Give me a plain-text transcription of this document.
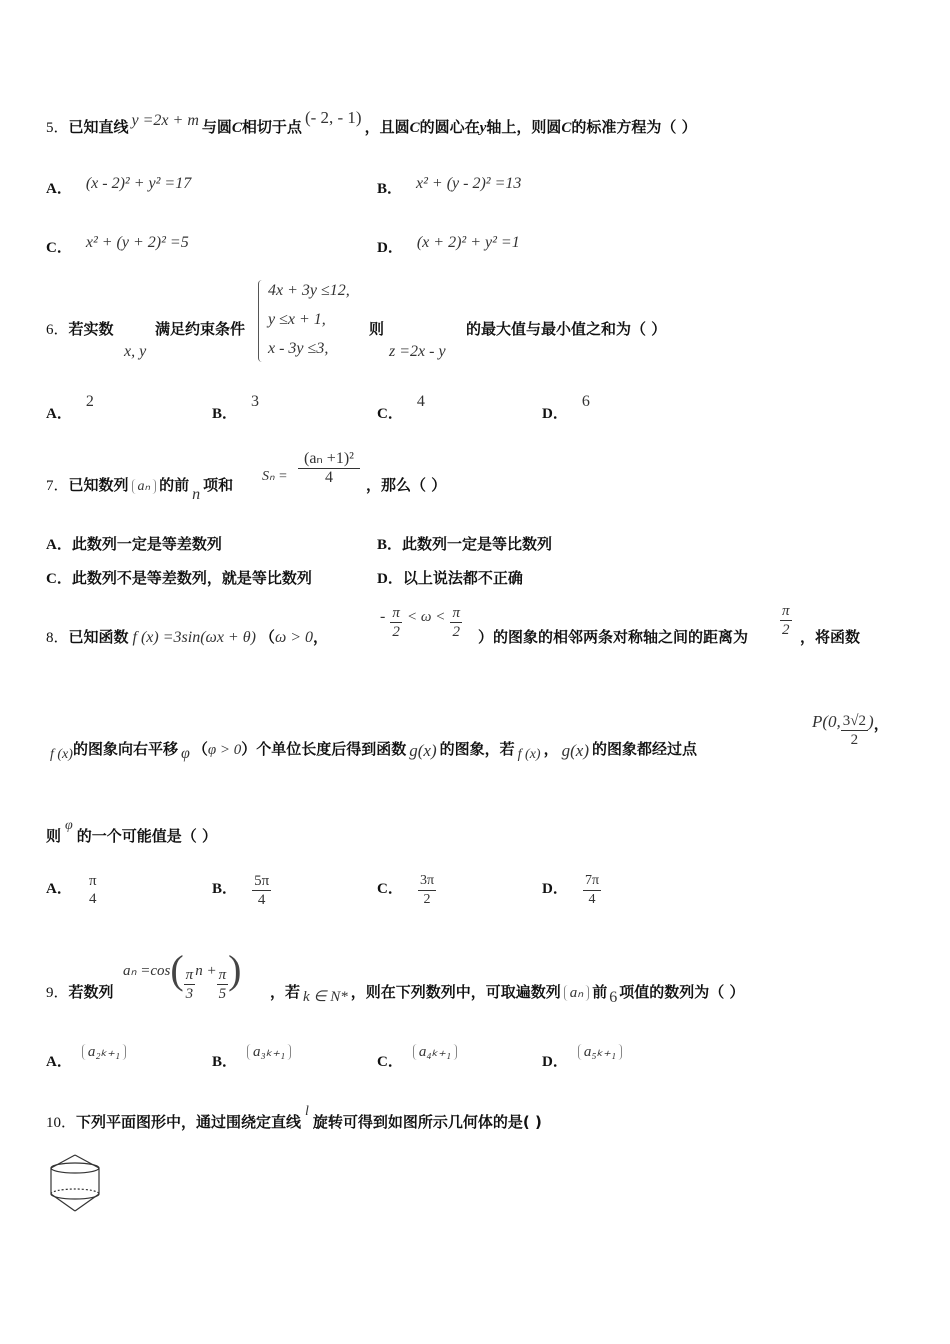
5．已知直线 y =2x + m 与圆C相切于点 (- 2, - 1) ，且圆C的圆心在y轴上，则圆C的标准方程为（ ）
A． (x - 2)² + y² =17	B． x² + (y - 2)² =13
C． x² + (y + 2)² =5	D． (x + 2)² + y² =1
6．若实数
x, y
满足约束条件
4x + 3y ≤12,
y ≤x + 1,
x - 3y ≤3,
则
z =2x - y
的最大值与最小值之和为（ ）
A．2
B．3
C．4
D．6
7．已知数列 aₙ 的前n项和 $S_n = \frac{\text{(aₙ +1)²}}{4}$ ，那么（ ）
A．此数列一定是等差数列	B．此数列一定是等比数列
C．此数列不是等差数列，就是等比数列	D．以上说法都不正确
8．已知函数 f (x) =3sin(ωx + θ) （ω > 0，
- $\frac{\pi}{2} < \omega < \frac{\pi}{2}$ ）的图象的相邻两条对称轴之间的距离为 $\frac{\pi}{2}$ ，将函数
f (x)的图象向右平移 φ （φ > 0）个单位长度后得到函数 g(x) 的图象，若 f (x) ， g(x) 的图象都经过点
P(0, $\frac{3√2}{2}$ )，
则φ的一个可能值是（ ）
A． π
4
B． $\frac{5\pi}{4}$	C． $\frac{3\pi}{2}$	D． $\frac{7\pi}{4}$
9．若数列
$a_n =\cos( \frac{\pi}{3}$ $n + \frac{\pi}{5}$ ) ，若 k ∈ N* ，则在下列数列中，可取遍数列 aₙ 前 6 项值的数列为（ ）
A．a₂ₖ₊₁
B．a₃ₖ₊₁
C．a₄ₖ₊₁
D．a₅ₖ₊₁
10．下列平面图形中，通过围绕定直线l旋转可得到如图所示几何体的是( )
